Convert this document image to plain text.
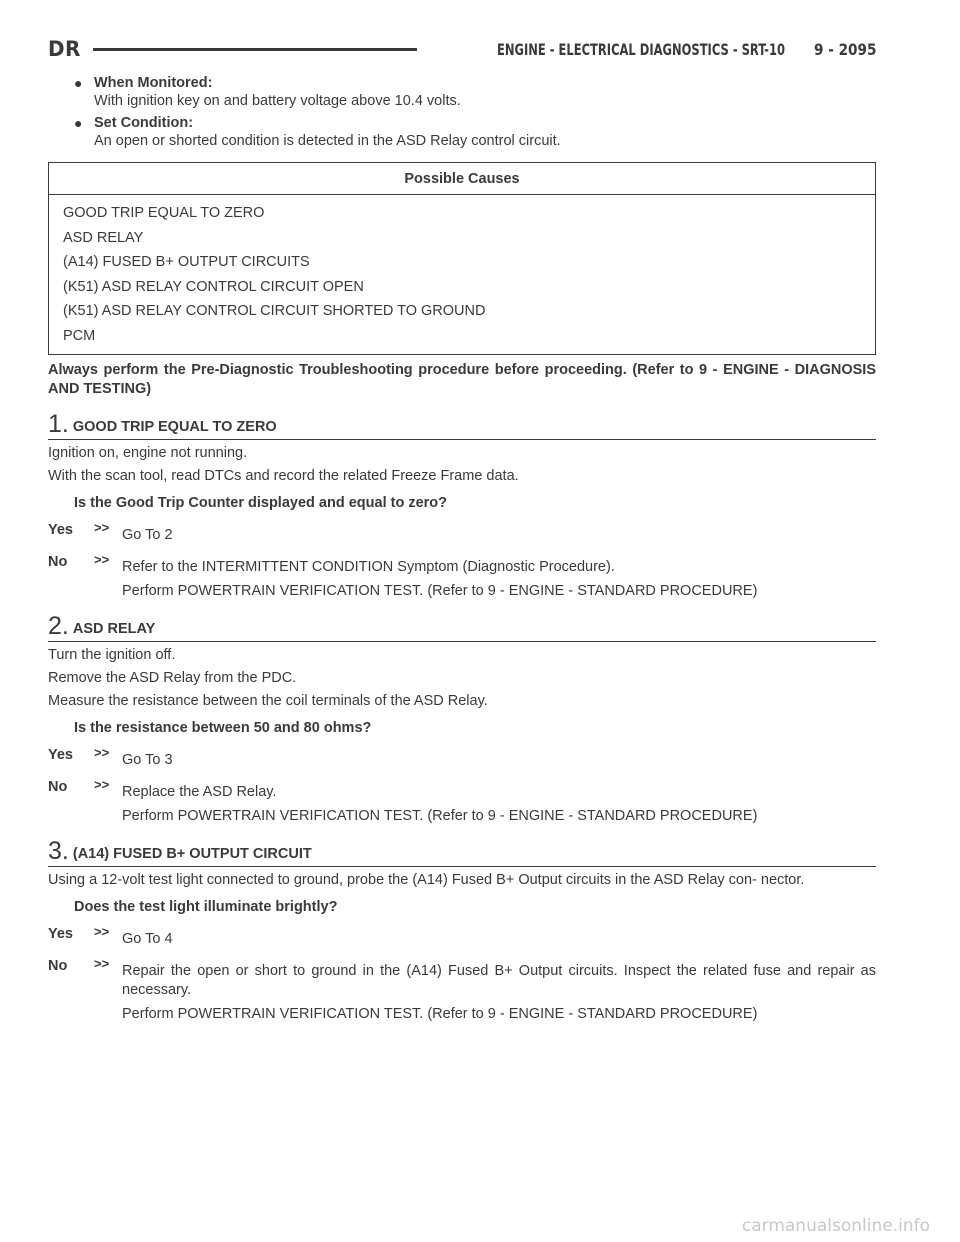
DR	ENGINE - ELECTRICAL DIAGNOSTICS - SRT-10 9 - 2095
● When Monitored:
With ignition key on and battery voltage above 10.4 volts.
● Set Condition:
An open or shorted condition is detected in the ASD Relay control circuit.
Possible Causes
GOOD TRIP EQUAL TO ZERO
ASD RELAY
(A14) FUSED B+ OUTPUT CIRCUITS
(K51) ASD RELAY CONTROL CIRCUIT OPEN
(K51) ASD RELAY CONTROL CIRCUIT SHORTED TO GROUND
PCM
Always perform the Pre-Diagnostic Troubleshooting procedure before proceeding. (Refer to 9 - ENGINE - DIAGNOSIS AND TESTING)
1. GOOD TRIP EQUAL TO ZERO
Ignition on, engine not running.
With the scan tool, read DTCs and record the related Freeze Frame data.
Is the Good Trip Counter displayed and equal to zero?
Yes	>> Go To 2
No	>> Refer to the INTERMITTENT CONDITION Symptom (Diagnostic Procedure).
Perform POWERTRAIN VERIFICATION TEST. (Refer to 9 - ENGINE - STANDARD PROCEDURE)
2. ASD RELAY
Turn the ignition off.
Remove the ASD Relay from the PDC.
Measure the resistance between the coil terminals of the ASD Relay.
Is the resistance between 50 and 80 ohms?
Yes	>> Go To 3
No	>> Replace the ASD Relay.
Perform POWERTRAIN VERIFICATION TEST. (Refer to 9 - ENGINE - STANDARD PROCEDURE)
3. (A14) FUSED B+ OUTPUT CIRCUIT
Using a 12-volt test light connected to ground, probe the (A14) Fused B+ Output circuits in the ASD Relay con- nector.
Does the test light illuminate brightly?
Yes	>> Go To 4
No	>> Repair the open or short to ground in the (A14) Fused B+ Output circuits. Inspect the related fuse and repair as necessary.
Perform POWERTRAIN VERIFICATION TEST. (Refer to 9 - ENGINE - STANDARD PROCEDURE)
carmanualsonline.info
